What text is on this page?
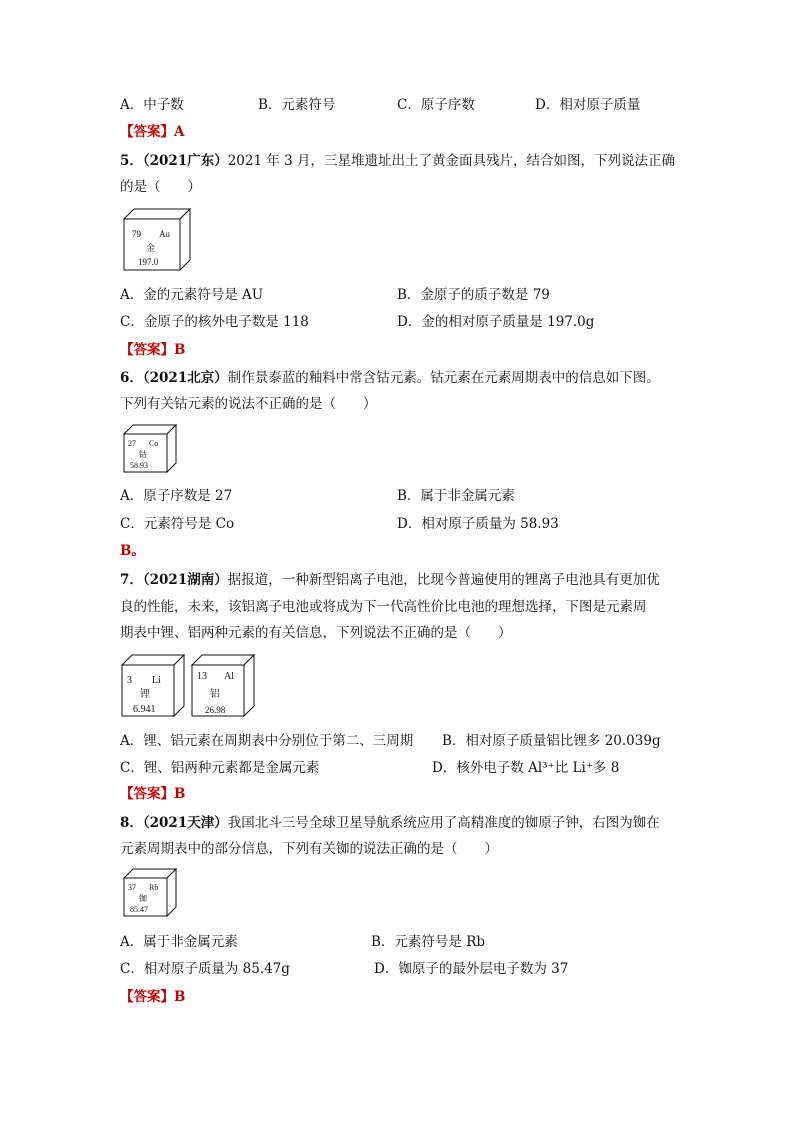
A．中子数	B．元素符号	C．原子序数	D．相对原子质量
【答案】A
5．（2021广东）2021 年 3 月，三星堆遗址出土了黄金面具残片，结合如图，下列说法正确
的是（　　）
79 Au
金
197.0
A．金的元素符号是 AU	B．金原子的质子数是 79
C．金原子的核外电子数是 118	D．金的相对原子质量是 197.0g
【答案】B
6．（2021北京）制作景泰蓝的釉料中常含钴元素。钴元素在元素周期表中的信息如下图。
下列有关钴元素的说法不正确的是（　　）
27 Co
钴
58.93
A．原子序数是 27	B．属于非金属元素
C．元素符号是 Co	D．相对原子质量为 58.93
B。
7．（2021湖南）据报道，一种新型铝离子电池，比现今普遍使用的锂离子电池具有更加优
良的性能，未来，该铝离子电池或将成为下一代高性价比电池的理想选择，下图是元素周
期表中锂、铝两种元素的有关信息，下列说法不正确的是（　　）
3 Li
锂
6.941
13 Al
铝
26.98
A．锂、铝元素在周期表中分别位于第二、三周期 B．相对原子质量铝比锂多 20.039g
C．锂、铝两种元素都是金属元素	D．核外电子数 Al³⁺比 Li⁺多 8
【答案】B
8．（2021天津）我国北斗三号全球卫星导航系统应用了高精准度的铷原子钟，右图为铷在
元素周期表中的部分信息，下列有关铷的说法正确的是（　　）
37 Rb
铷
85.47
A．属于非金属元素	B．元素符号是 Rb
C．相对原子质量为 85.47g	D．铷原子的最外层电子数为 37
【答案】B
